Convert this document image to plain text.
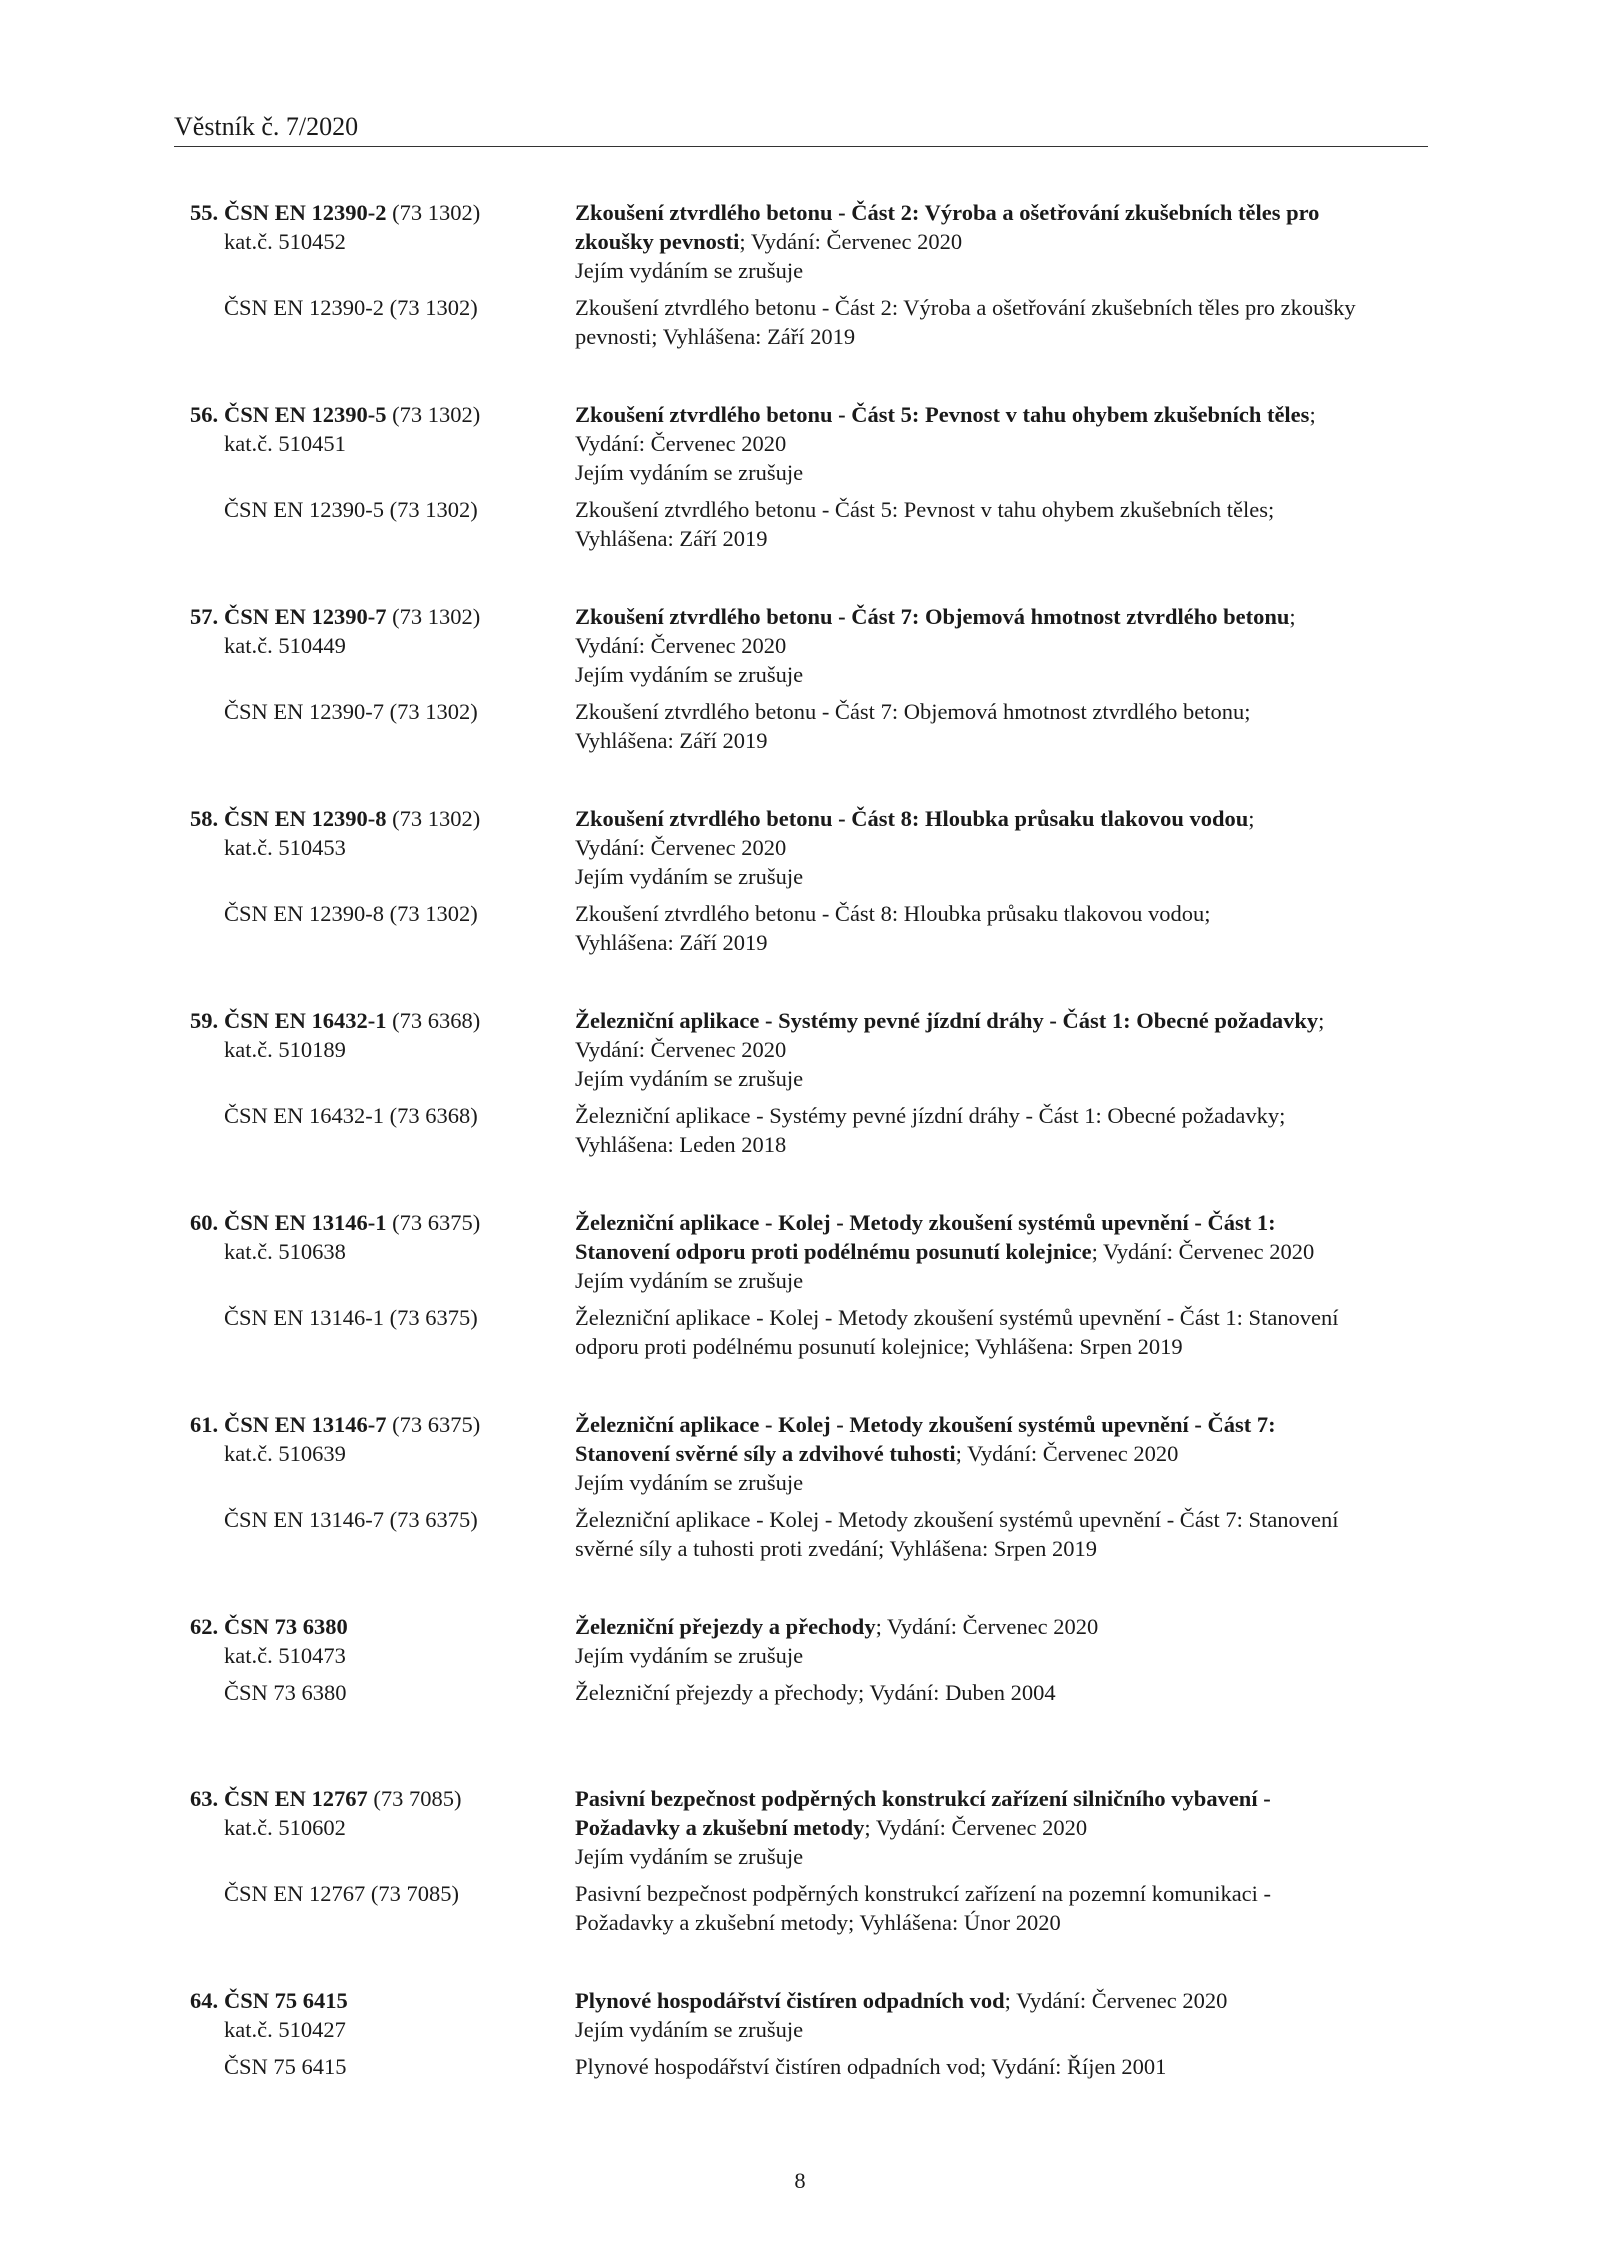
Věstník č. 7/2020
55. ČSN EN 12390-2 (73 1302)	Zkoušení ztvrdlého betonu - Část 2: Výroba a ošetřování zkušebních těles pro
kat.č. 510452	zkoušky pevnosti; Vydání: Červenec 2020
Jejím vydáním se zrušuje
ČSN EN 12390-2 (73 1302)	Zkoušení ztvrdlého betonu - Část 2: Výroba a ošetřování zkušebních těles pro zkoušky
pevnosti; Vyhlášena: Září 2019
56. ČSN EN 12390-5 (73 1302)	Zkoušení ztvrdlého betonu - Část 5: Pevnost v tahu ohybem zkušebních těles;
kat.č. 510451	Vydání: Červenec 2020
Jejím vydáním se zrušuje
ČSN EN 12390-5 (73 1302)	Zkoušení ztvrdlého betonu - Část 5: Pevnost v tahu ohybem zkušebních těles;
Vyhlášena: Září 2019
57. ČSN EN 12390-7 (73 1302)	Zkoušení ztvrdlého betonu - Část 7: Objemová hmotnost ztvrdlého betonu;
kat.č. 510449	Vydání: Červenec 2020
Jejím vydáním se zrušuje
ČSN EN 12390-7 (73 1302)	Zkoušení ztvrdlého betonu - Část 7: Objemová hmotnost ztvrdlého betonu;
Vyhlášena: Září 2019
58. ČSN EN 12390-8 (73 1302)	Zkoušení ztvrdlého betonu - Část 8: Hloubka průsaku tlakovou vodou;
kat.č. 510453	Vydání: Červenec 2020
Jejím vydáním se zrušuje
ČSN EN 12390-8 (73 1302)	Zkoušení ztvrdlého betonu - Část 8: Hloubka průsaku tlakovou vodou;
Vyhlášena: Září 2019
59. ČSN EN 16432-1 (73 6368)	Železniční aplikace - Systémy pevné jízdní dráhy - Část 1: Obecné požadavky;
kat.č. 510189	Vydání: Červenec 2020
Jejím vydáním se zrušuje
ČSN EN 16432-1 (73 6368)	Železniční aplikace - Systémy pevné jízdní dráhy - Část 1: Obecné požadavky;
Vyhlášena: Leden 2018
60. ČSN EN 13146-1 (73 6375)	Železniční aplikace - Kolej - Metody zkoušení systémů upevnění - Část 1:
kat.č. 510638	Stanovení odporu proti podélnému posunutí kolejnice; Vydání: Červenec 2020
Jejím vydáním se zrušuje
ČSN EN 13146-1 (73 6375)	Železniční aplikace - Kolej - Metody zkoušení systémů upevnění - Část 1: Stanovení
odporu proti podélnému posunutí kolejnice; Vyhlášena: Srpen 2019
61. ČSN EN 13146-7 (73 6375)	Železniční aplikace - Kolej - Metody zkoušení systémů upevnění - Část 7:
kat.č. 510639	Stanovení svěrné síly a zdvihové tuhosti; Vydání: Červenec 2020
Jejím vydáním se zrušuje
ČSN EN 13146-7 (73 6375)	Železniční aplikace - Kolej - Metody zkoušení systémů upevnění - Část 7: Stanovení
svěrné síly a tuhosti proti zvedání; Vyhlášena: Srpen 2019
62. ČSN 73 6380	Železniční přejezdy a přechody; Vydání: Červenec 2020
kat.č. 510473	Jejím vydáním se zrušuje
ČSN 73 6380	Železniční přejezdy a přechody; Vydání: Duben 2004
63. ČSN EN 12767 (73 7085)	Pasivní bezpečnost podpěrných konstrukcí zařízení silničního vybavení -
kat.č. 510602	Požadavky a zkušební metody; Vydání: Červenec 2020
Jejím vydáním se zrušuje
ČSN EN 12767 (73 7085)	Pasivní bezpečnost podpěrných konstrukcí zařízení na pozemní komunikaci -
Požadavky a zkušební metody; Vyhlášena: Únor 2020
64. ČSN 75 6415	Plynové hospodářství čistíren odpadních vod; Vydání: Červenec 2020
kat.č. 510427	Jejím vydáním se zrušuje
ČSN 75 6415	Plynové hospodářství čistíren odpadních vod; Vydání: Říjen 2001
8
